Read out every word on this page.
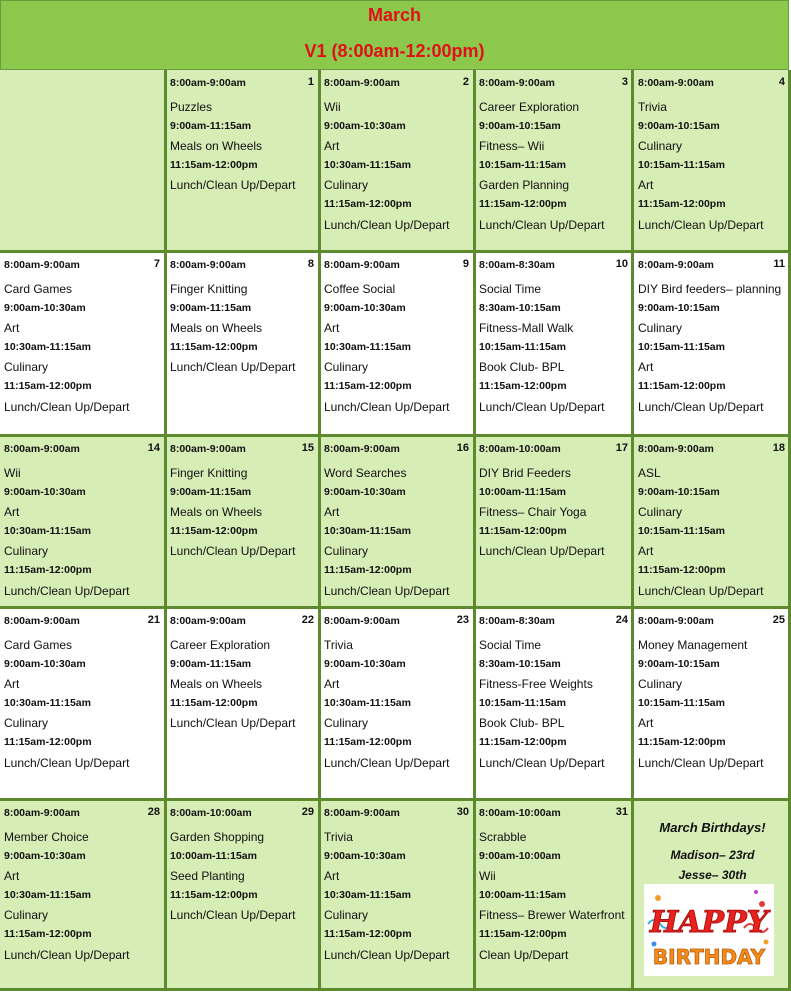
March
V1 (8:00am-12:00pm)
1
8:00am-9:00am
Puzzles
9:00am-11:15am
Meals on Wheels
11:15am-12:00pm
Lunch/Clean Up/Depart
2
8:00am-9:00am
Wii
9:00am-10:30am
Art
10:30am-11:15am
Culinary
11:15am-12:00pm
Lunch/Clean Up/Depart
3
8:00am-9:00am
Career Exploration
9:00am-10:15am
Fitness– Wii
10:15am-11:15am
Garden Planning
11:15am-12:00pm
Lunch/Clean Up/Depart
4
8:00am-9:00am
Trivia
9:00am-10:15am
Culinary
10:15am-11:15am
Art
11:15am-12:00pm
Lunch/Clean Up/Depart
7
8:00am-9:00am
Card Games
9:00am-10:30am
Art
10:30am-11:15am
Culinary
11:15am-12:00pm
Lunch/Clean Up/Depart
8
8:00am-9:00am
Finger Knitting
9:00am-11:15am
Meals on Wheels
11:15am-12:00pm
Lunch/Clean Up/Depart
9
8:00am-9:00am
Coffee Social
9:00am-10:30am
Art
10:30am-11:15am
Culinary
11:15am-12:00pm
Lunch/Clean Up/Depart
10
8:00am-8:30am
Social Time
8:30am-10:15am
Fitness-Mall Walk
10:15am-11:15am
Book Club- BPL
11:15am-12:00pm
Lunch/Clean Up/Depart
11
8:00am-9:00am
DIY Bird feeders– planning
9:00am-10:15am
Culinary
10:15am-11:15am
Art
11:15am-12:00pm
Lunch/Clean Up/Depart
14
8:00am-9:00am
Wii
9:00am-10:30am
Art
10:30am-11:15am
Culinary
11:15am-12:00pm
Lunch/Clean Up/Depart
15
8:00am-9:00am
Finger Knitting
9:00am-11:15am
Meals on Wheels
11:15am-12:00pm
Lunch/Clean Up/Depart
16
8:00am-9:00am
Word Searches
9:00am-10:30am
Art
10:30am-11:15am
Culinary
11:15am-12:00pm
Lunch/Clean Up/Depart
17
8:00am-10:00am
DIY Brid Feeders
10:00am-11:15am
Fitness– Chair Yoga
11:15am-12:00pm
Lunch/Clean Up/Depart
18
8:00am-9:00am
ASL
9:00am-10:15am
Culinary
10:15am-11:15am
Art
11:15am-12:00pm
Lunch/Clean Up/Depart
21
8:00am-9:00am
Card Games
9:00am-10:30am
Art
10:30am-11:15am
Culinary
11:15am-12:00pm
Lunch/Clean Up/Depart
22
8:00am-9:00am
Career Exploration
9:00am-11:15am
Meals on Wheels
11:15am-12:00pm
Lunch/Clean Up/Depart
23
8:00am-9:00am
Trivia
9:00am-10:30am
Art
10:30am-11:15am
Culinary
11:15am-12:00pm
Lunch/Clean Up/Depart
24
8:00am-8:30am
Social Time
8:30am-10:15am
Fitness-Free Weights
10:15am-11:15am
Book Club- BPL
11:15am-12:00pm
Lunch/Clean Up/Depart
25
8:00am-9:00am
Money Management
9:00am-10:15am
Culinary
10:15am-11:15am
Art
11:15am-12:00pm
Lunch/Clean Up/Depart
28
8:00am-9:00am
Member Choice
9:00am-10:30am
Art
10:30am-11:15am
Culinary
11:15am-12:00pm
Lunch/Clean Up/Depart
29
8:00am-10:00am
Garden Shopping
10:00am-11:15am
Seed Planting
11:15am-12:00pm
Lunch/Clean Up/Depart
30
8:00am-9:00am
Trivia
9:00am-10:30am
Art
10:30am-11:15am
Culinary
11:15am-12:00pm
Lunch/Clean Up/Depart
31
8:00am-10:00am
Scrabble
9:00am-10:00am
Wii
10:00am-11:15am
Fitness– Brewer Waterfront
11:15am-12:00pm
Clean Up/Depart
March Birthdays!
Madison– 23rd
Jesse– 30th
HAPPY
BIRTHDAY
